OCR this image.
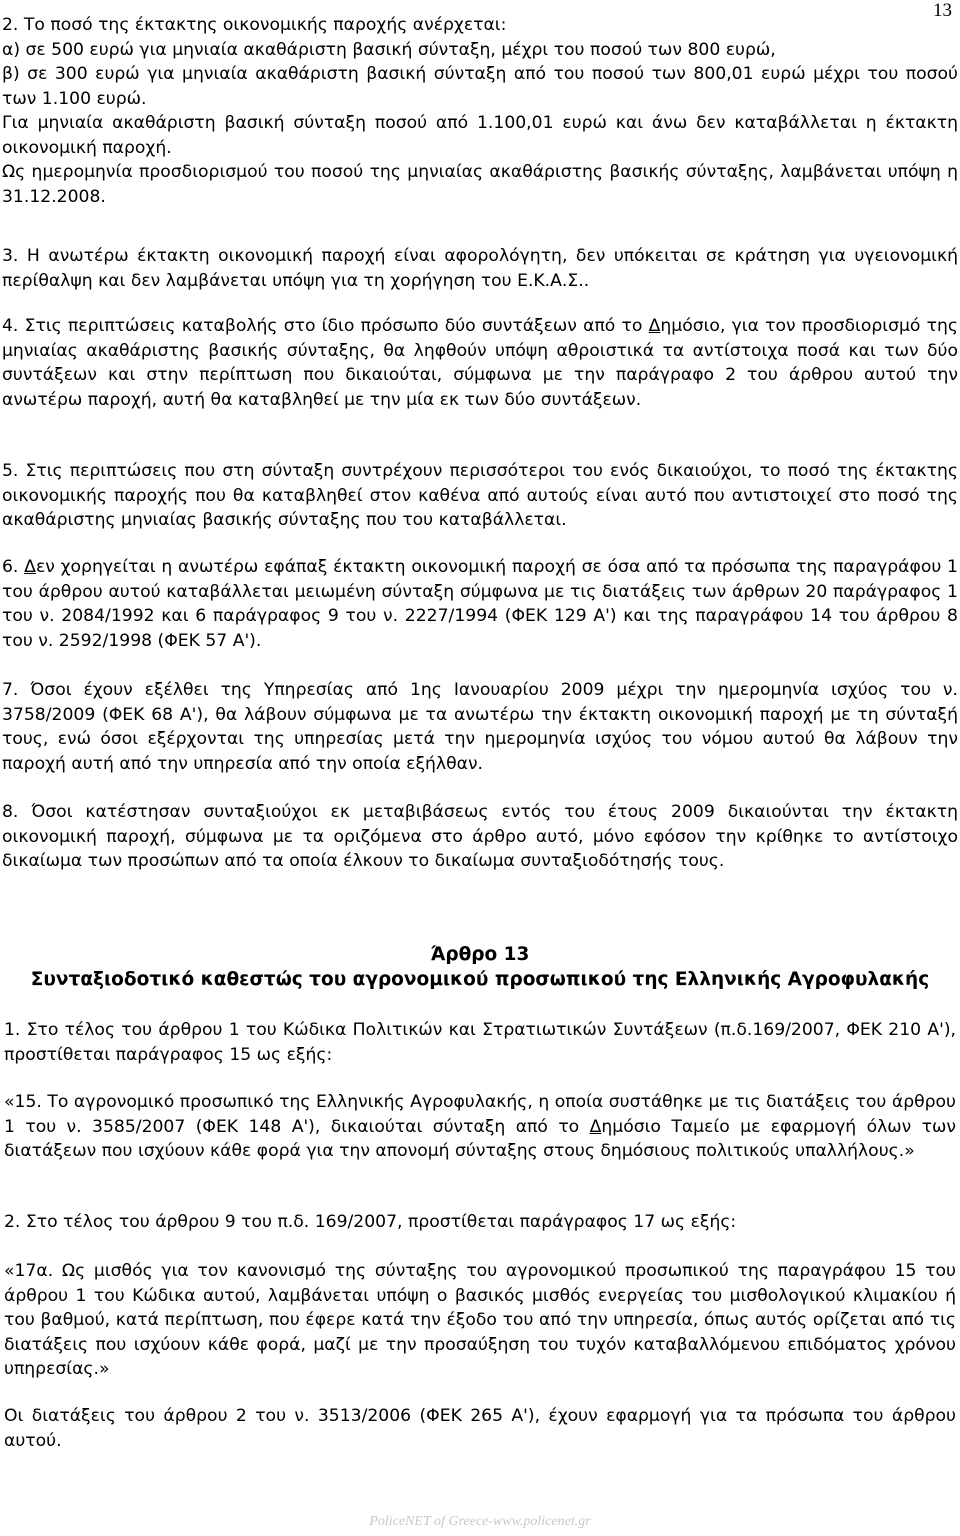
13

2. Το ποσό της έκτακτης οικονομικής παροχής ανέρχεται:

α) σε 500 ευρώ για μηνιαία ακαθάριστη βασική σύνταξη, μέχρι του ποσού των 800 ευρώ,

β) σε 300 ευρώ για μηνιαία ακαθάριστη βασική σύνταξη από του ποσού των 800,01 ευρώ μέχρι του ποσού των 1.100 ευρώ.

Για μηνιαία ακαθάριστη βασική σύνταξη ποσού από 1.100,01 ευρώ και άνω δεν καταβάλλεται η έκτακτη οικονομική παροχή.

Ως ημερομηνία προσδιορισμού του ποσού της μηνιαίας ακαθάριστης βασικής σύνταξης, λαμβάνεται υπόψη η 31.12.2008.

3. Η ανωτέρω έκτακτη οικονομική παροχή είναι αφορολόγητη, δεν υπόκειται σε κράτηση για υγειονομική περίθαλψη και δεν λαμβάνεται υπόψη για τη χορήγηση του Ε.Κ.Α.Σ..

4. Στις περιπτώσεις καταβολής στο ίδιο πρόσωπο δύο συντάξεων από το Δημόσιο, για τον προσδιορισμό της μηνιαίας ακαθάριστης βασικής σύνταξης, θα ληφθούν υπόψη αθροιστικά τα αντίστοιχα ποσά και των δύο συντάξεων και στην περίπτωση που δικαιούται, σύμφωνα με την παράγραφο 2 του άρθρου αυτού την ανωτέρω παροχή, αυτή θα καταβληθεί με την μία εκ των δύο συντάξεων.

5. Στις περιπτώσεις που στη σύνταξη συντρέχουν περισσότεροι του ενός δικαιούχοι, το ποσό της έκτακτης οικονομικής παροχής που θα καταβληθεί στον καθένα από αυτούς είναι αυτό που αντιστοιχεί στο ποσό της ακαθάριστης μηνιαίας βασικής σύνταξης που του καταβάλλεται.

6. Δεν χορηγείται η ανωτέρω εφάπαξ έκτακτη οικονομική παροχή σε όσα από τα πρόσωπα της παραγράφου 1 του άρθρου αυτού καταβάλλεται μειωμένη σύνταξη σύμφωνα με τις διατάξεις των άρθρων 20 παράγραφος 1 του ν. 2084/1992 και 6 παράγραφος 9 του ν. 2227/1994 (ΦΕΚ 129 Α') και της παραγράφου 14 του άρθρου 8 του ν. 2592/1998 (ΦΕΚ 57 Α').

7. Όσοι έχουν εξέλθει της Υπηρεσίας από 1ης Ιανουαρίου 2009 μέχρι την ημερομηνία ισχύος του ν. 3758/2009 (ΦΕΚ 68 Α'), θα λάβουν σύμφωνα με τα ανωτέρω την έκτακτη οικονομική παροχή με τη σύνταξή τους, ενώ όσοι εξέρχονται της υπηρεσίας μετά την ημερομηνία ισχύος του νόμου αυτού θα λάβουν την παροχή αυτή από την υπηρεσία από την οποία εξήλθαν.

8. Όσοι κατέστησαν συνταξιούχοι εκ μεταβιβάσεως εντός του έτους 2009 δικαιούνται την έκτακτη οικονομική παροχή, σύμφωνα με τα οριζόμενα στο άρθρο αυτό, μόνο εφόσον την κρίθηκε το αντίστοιχο δικαίωμα των προσώπων από τα οποία έλκουν το δικαίωμα συνταξιοδότησής τους.

Άρθρο 13
Συνταξιοδοτικό καθεστώς του αγρονομικού προσωπικού της Ελληνικής Αγροφυλακής

1. Στο τέλος του άρθρου 1 του Κώδικα Πολιτικών και Στρατιωτικών Συντάξεων (π.δ.169/2007, ΦΕΚ 210 Α'), προστίθεται παράγραφος 15 ως εξής:

«15. Το αγρονομικό προσωπικό της Ελληνικής Αγροφυλακής, η οποία συστάθηκε με τις διατάξεις του άρθρου 1 του ν. 3585/2007 (ΦΕΚ 148 Α'), δικαιούται σύνταξη από το Δημόσιο Ταμείο με εφαρμογή όλων των διατάξεων που ισχύουν κάθε φορά για την απονομή σύνταξης στους δημόσιους πολιτικούς υπαλλήλους.»

2. Στο τέλος του άρθρου 9 του π.δ. 169/2007, προστίθεται παράγραφος 17 ως εξής:

«17α. Ως μισθός για τον κανονισμό της σύνταξης του αγρονομικού προσωπικού της παραγράφου 15 του άρθρου 1 του Κώδικα αυτού, λαμβάνεται υπόψη ο βασικός μισθός ενεργείας του μισθολογικού κλιμακίου ή του βαθμού, κατά περίπτωση, που έφερε κατά την έξοδο του από την υπηρεσία, όπως αυτός ορίζεται από τις διατάξεις που ισχύουν κάθε φορά, μαζί με την προσαύξηση του τυχόν καταβαλλόμενου επιδόματος χρόνου υπηρεσίας.»

Οι διατάξεις του άρθρου 2 του ν. 3513/2006 (ΦΕΚ 265 Α'), έχουν εφαρμογή για τα πρόσωπα του άρθρου αυτού.

PoliceNET of Greece-www.policenet.gr
